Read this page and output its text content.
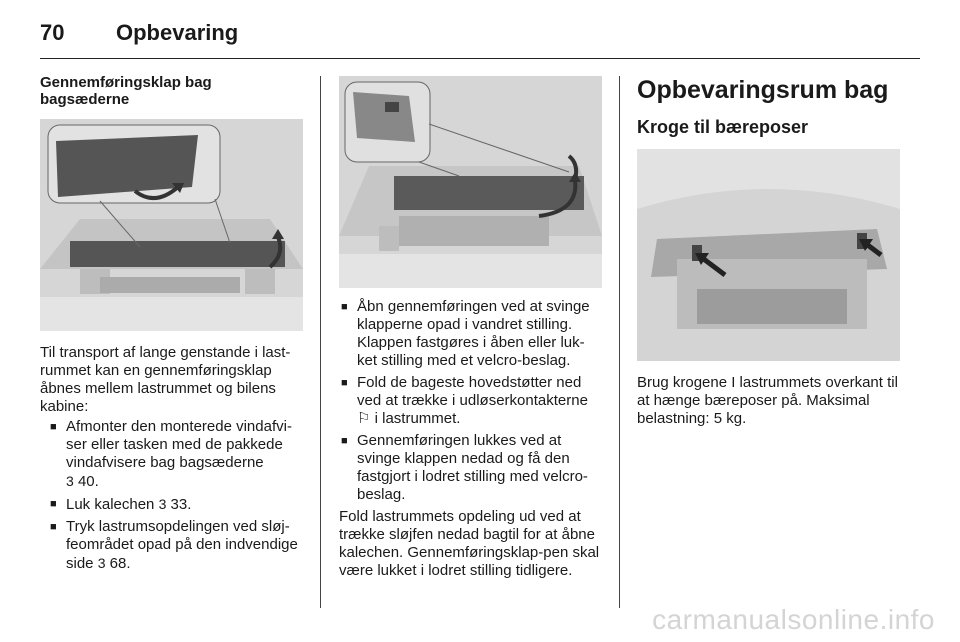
70 Opbevaring
Gennemføringsklap bag
bagsæderne

Til transport af lange genstande i last-rummet kan en gennemføringsklap åbnes mellem lastrummet og bilens kabine:

■ Afmonter den monterede vindafvi-ser eller tasken med de pakkede vindafvisere bag bagsæderne
3 40.
■ Luk kalechen 3 33.
■ Tryk lastrumsopdelingen ved sløj-feområdet opad på den indvendige side 3 68.
■ Åbn gennemføringen ved at svinge klapperne opad i vandret stilling. Klappen fastgøres i åben eller luk-ket stilling med et velcro-beslag.
■ Fold de bageste hovedstøtter ned ved at trække i udløserkontakterne
⚐ i lastrummet.
■ Gennemføringen lukkes ved at svinge klappen nedad og få den fastgjort i lodret stilling med velcro-beslag.

Fold lastrummets opdeling ud ved at trække sløjfen nedad bagtil for at åbne kalechen. Gennemføringsklap-pen skal være lukket i lodret stilling tidligere.

Opbevaringsrum bag
Kroge til bæreposer

Brug krogene I lastrummets overkant til at hænge bæreposer på. Maksimal belastning: 5 kg.

carmanualsonline.info
